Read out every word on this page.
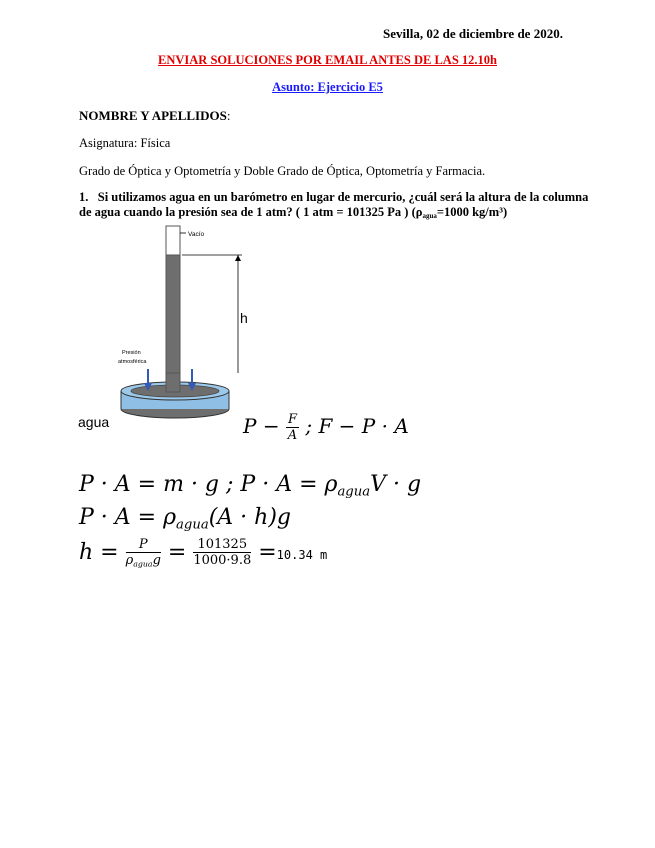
Sevilla, 02 de diciembre de 2020.
ENVIAR SOLUCIONES POR EMAIL ANTES DE LAS 12.10h
Asunto: Ejercicio E5
NOMBRE Y APELLIDOS:
Asignatura: Física
Grado de Óptica y Optometría y Doble Grado de Óptica, Optometría y Farmacia.
1. Si utilizamos agua en un barómetro en lugar de mercurio, ¿cuál será la altura de la columna de agua cuando la presión sea de 1 atm? ( 1 atm = 101325 Pa ) ($\rho_{agua}=1000$ kg/m³)
Vacío
h
Presión
atmosférica
agua	$P - \frac{F}{A}$ ; F − P · A
P · A = m · g ; $P \cdot A = \rho_{agua}V \cdot g$
$P \cdot A = \rho_{agua}(A \cdot h)g$
$h = \frac{P}{\rho_{agua}g} = \frac{101325}{1000\cdot 9.8} =10.34$ m
